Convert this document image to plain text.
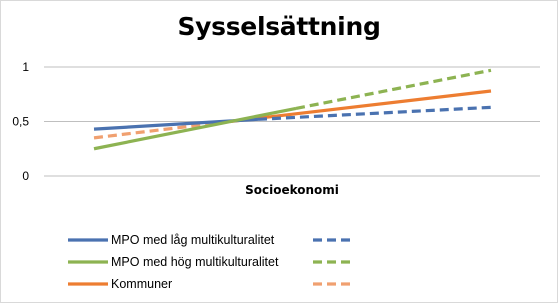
Sysselsättning
0
0,5
1
Socioekonomi
MPO med låg multikulturalitet
MPO med hög multikulturalitet
Kommuner
